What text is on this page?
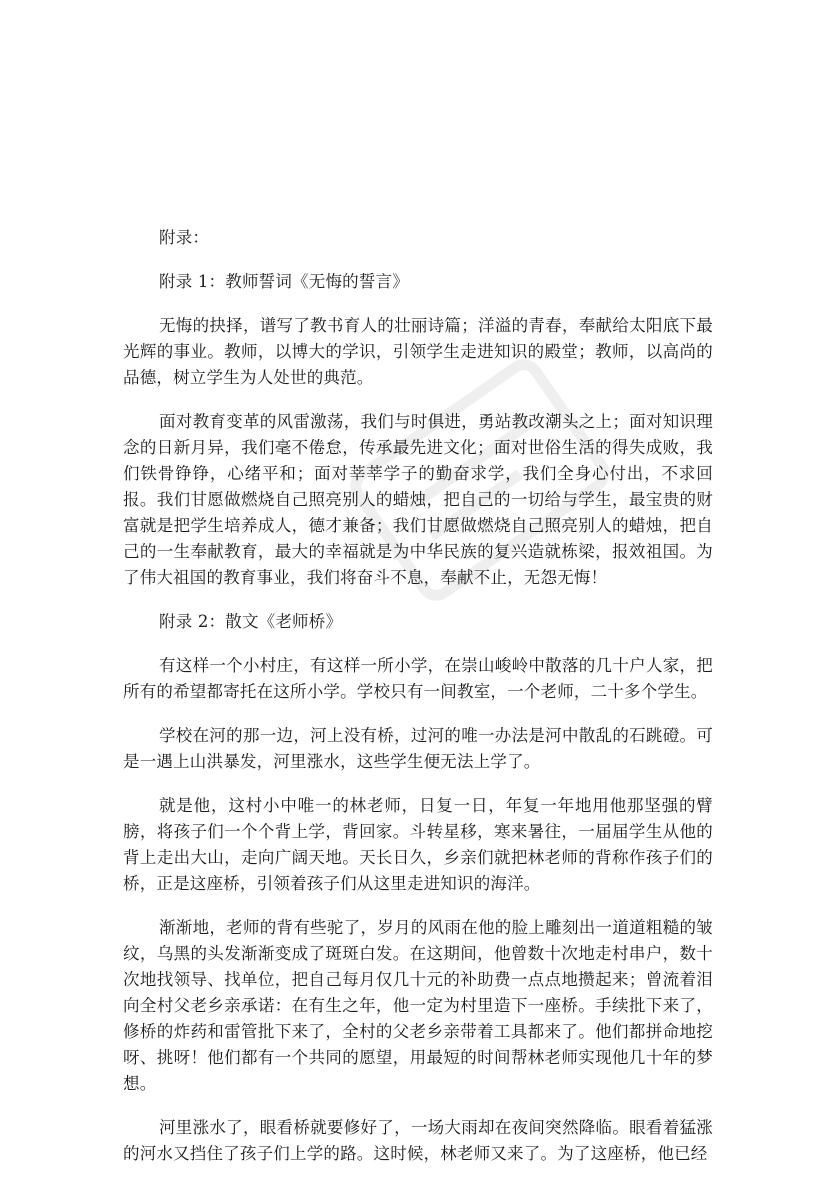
附录：

附录 1：教师誓词《无悔的誓言》

无悔的抉择，谱写了教书育人的壮丽诗篇；洋溢的青春，奉献给太阳底下最光辉的事业。教师，以博大的学识，引领学生走进知识的殿堂；教师，以高尚的品德，树立学生为人处世的典范。

面对教育变革的风雷激荡，我们与时俱进，勇站教改潮头之上；面对知识理念的日新月异，我们毫不倦怠，传承最先进文化；面对世俗生活的得失成败，我们铁骨铮铮，心绪平和；面对莘莘学子的勤奋求学，我们全身心付出，不求回报。我们甘愿做燃烧自己照亮别人的蜡烛，把自己的一切给与学生，最宝贵的财富就是把学生培养成人，德才兼备；我们甘愿做燃烧自己照亮别人的蜡烛，把自己的一生奉献教育，最大的幸福就是为中华民族的复兴造就栋梁，报效祖国。为了伟大祖国的教育事业，我们将奋斗不息，奉献不止，无怨无悔！

附录 2：散文《老师桥》

有这样一个小村庄，有这样一所小学，在崇山峻岭中散落的几十户人家，把所有的希望都寄托在这所小学。学校只有一间教室，一个老师，二十多个学生。

学校在河的那一边，河上没有桥，过河的唯一办法是河中散乱的石跳磴。可是一遇上山洪暴发，河里涨水，这些学生便无法上学了。

就是他，这村小中唯一的林老师，日复一日，年复一年地用他那坚强的臂膀，将孩子们一个个背上学，背回家。斗转星移，寒来暑往，一届届学生从他的背上走出大山，走向广阔天地。天长日久，乡亲们就把林老师的背称作孩子们的桥，正是这座桥，引领着孩子们从这里走进知识的海洋。

渐渐地，老师的背有些驼了，岁月的风雨在他的脸上雕刻出一道道粗糙的皱纹，乌黑的头发渐渐变成了斑斑白发。在这期间，他曾数十次地走村串户，数十次地找领导、找单位，把自己每月仅几十元的补助费一点点地攒起来；曾流着泪向全村父老乡亲承诺：在有生之年，他一定为村里造下一座桥。手续批下来了，修桥的炸药和雷管批下来了，全村的父老乡亲带着工具都来了。他们都拼命地挖呀、挑呀！他们都有一个共同的愿望，用最短的时间帮林老师实现他几十年的梦想。

河里涨水了，眼看桥就要修好了，一场大雨却在夜间突然降临。眼看着猛涨的河水又挡住了孩子们上学的路。这时候，林老师又来了。为了这座桥，他已经
